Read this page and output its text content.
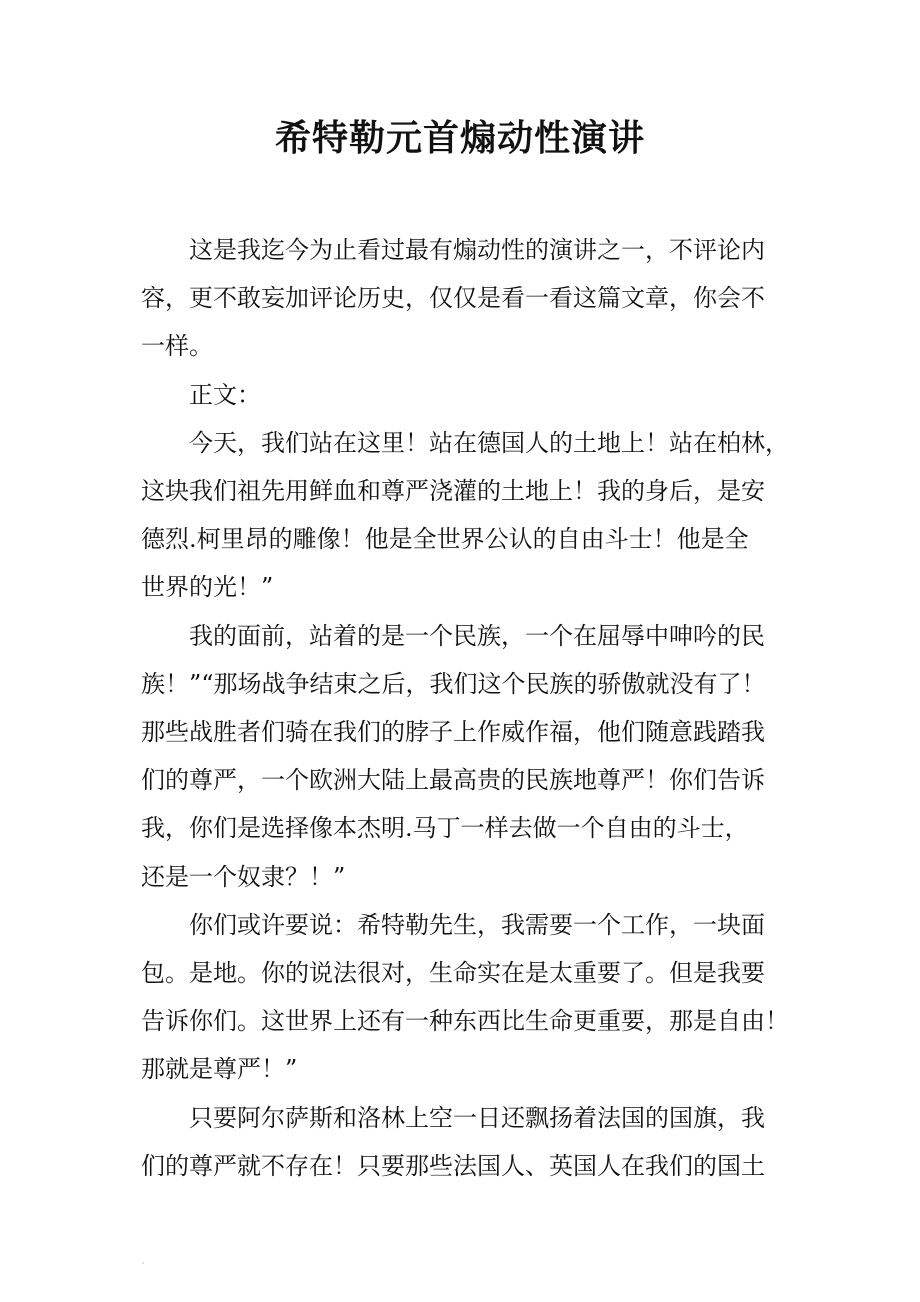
希特勒元首煽动性演讲

这是我迄今为止看过最有煽动性的演讲之一，不评论内
容，更不敢妄加评论历史，仅仅是看一看这篇文章，你会不
一样。

正文：

今天，我们站在这里！站在德国人的土地上！站在柏林，
这块我们祖先用鲜血和尊严浇灌的土地上！我的身后，是安
德烈.柯里昂的雕像！他是全世界公认的自由斗士！他是全
世界的光！”

我的面前，站着的是一个民族，一个在屈辱中呻吟的民
族！”“那场战争结束之后，我们这个民族的骄傲就没有了！
那些战胜者们骑在我们的脖子上作威作福，他们随意践踏我
们的尊严，一个欧洲大陆上最高贵的民族地尊严！你们告诉
我，你们是选择像本杰明.马丁一样去做一个自由的斗士，
还是一个奴隶？！”

你们或许要说：希特勒先生，我需要一个工作，一块面
包。是地。你的说法很对，生命实在是太重要了。但是我要
告诉你们。这世界上还有一种东西比生命更重要，那是自由！
那就是尊严！”

只要阿尔萨斯和洛林上空一日还飘扬着法国的国旗，我
们的尊严就不存在！只要那些法国人、英国人在我们的国土
